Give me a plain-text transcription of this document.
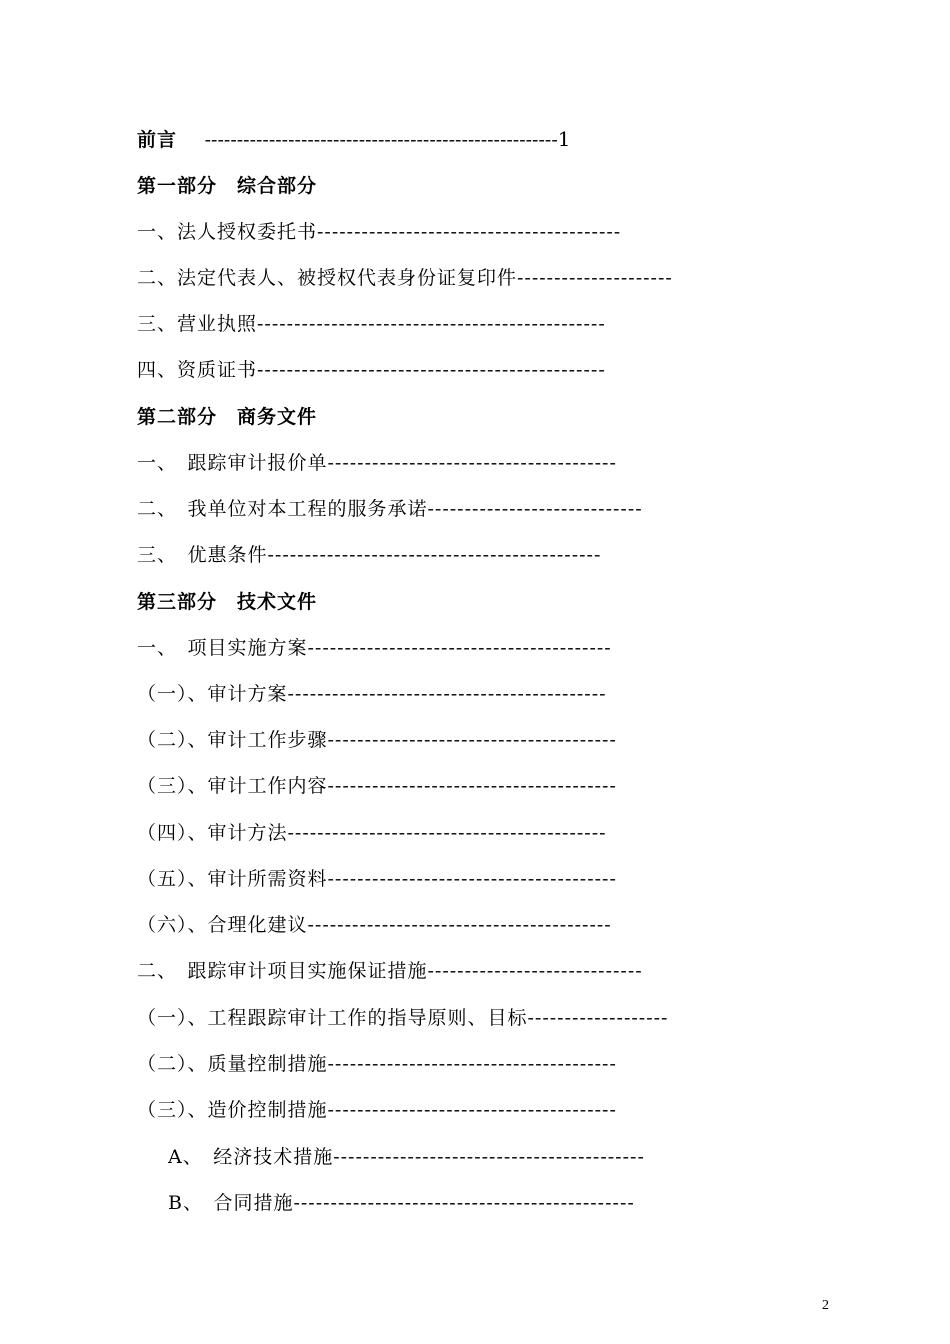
前言 -------------------------------------------------------1
第一部分　综合部分
一、法人授权委托书-----------------------------------------
二、法定代表人、被授权代表身份证复印件---------------------
三、营业执照-----------------------------------------------
四、资质证书-----------------------------------------------
第二部分　商务文件
一、　跟踪审计报价单---------------------------------------
二、　我单位对本工程的服务承诺-----------------------------
三、　优惠条件---------------------------------------------
第三部分　技术文件
一、　项目实施方案-----------------------------------------
（一）、审计方案-------------------------------------------
（二）、审计工作步骤---------------------------------------
（三）、审计工作内容---------------------------------------
（四）、审计方法-------------------------------------------
（五）、审计所需资料---------------------------------------
（六）、合理化建议-----------------------------------------
二、　跟踪审计项目实施保证措施-----------------------------
（一）、工程跟踪审计工作的指导原则、目标-------------------
（二）、质量控制措施---------------------------------------
（三）、造价控制措施---------------------------------------
A、　经济技术措施------------------------------------------
B、　合同措施----------------------------------------------
2
